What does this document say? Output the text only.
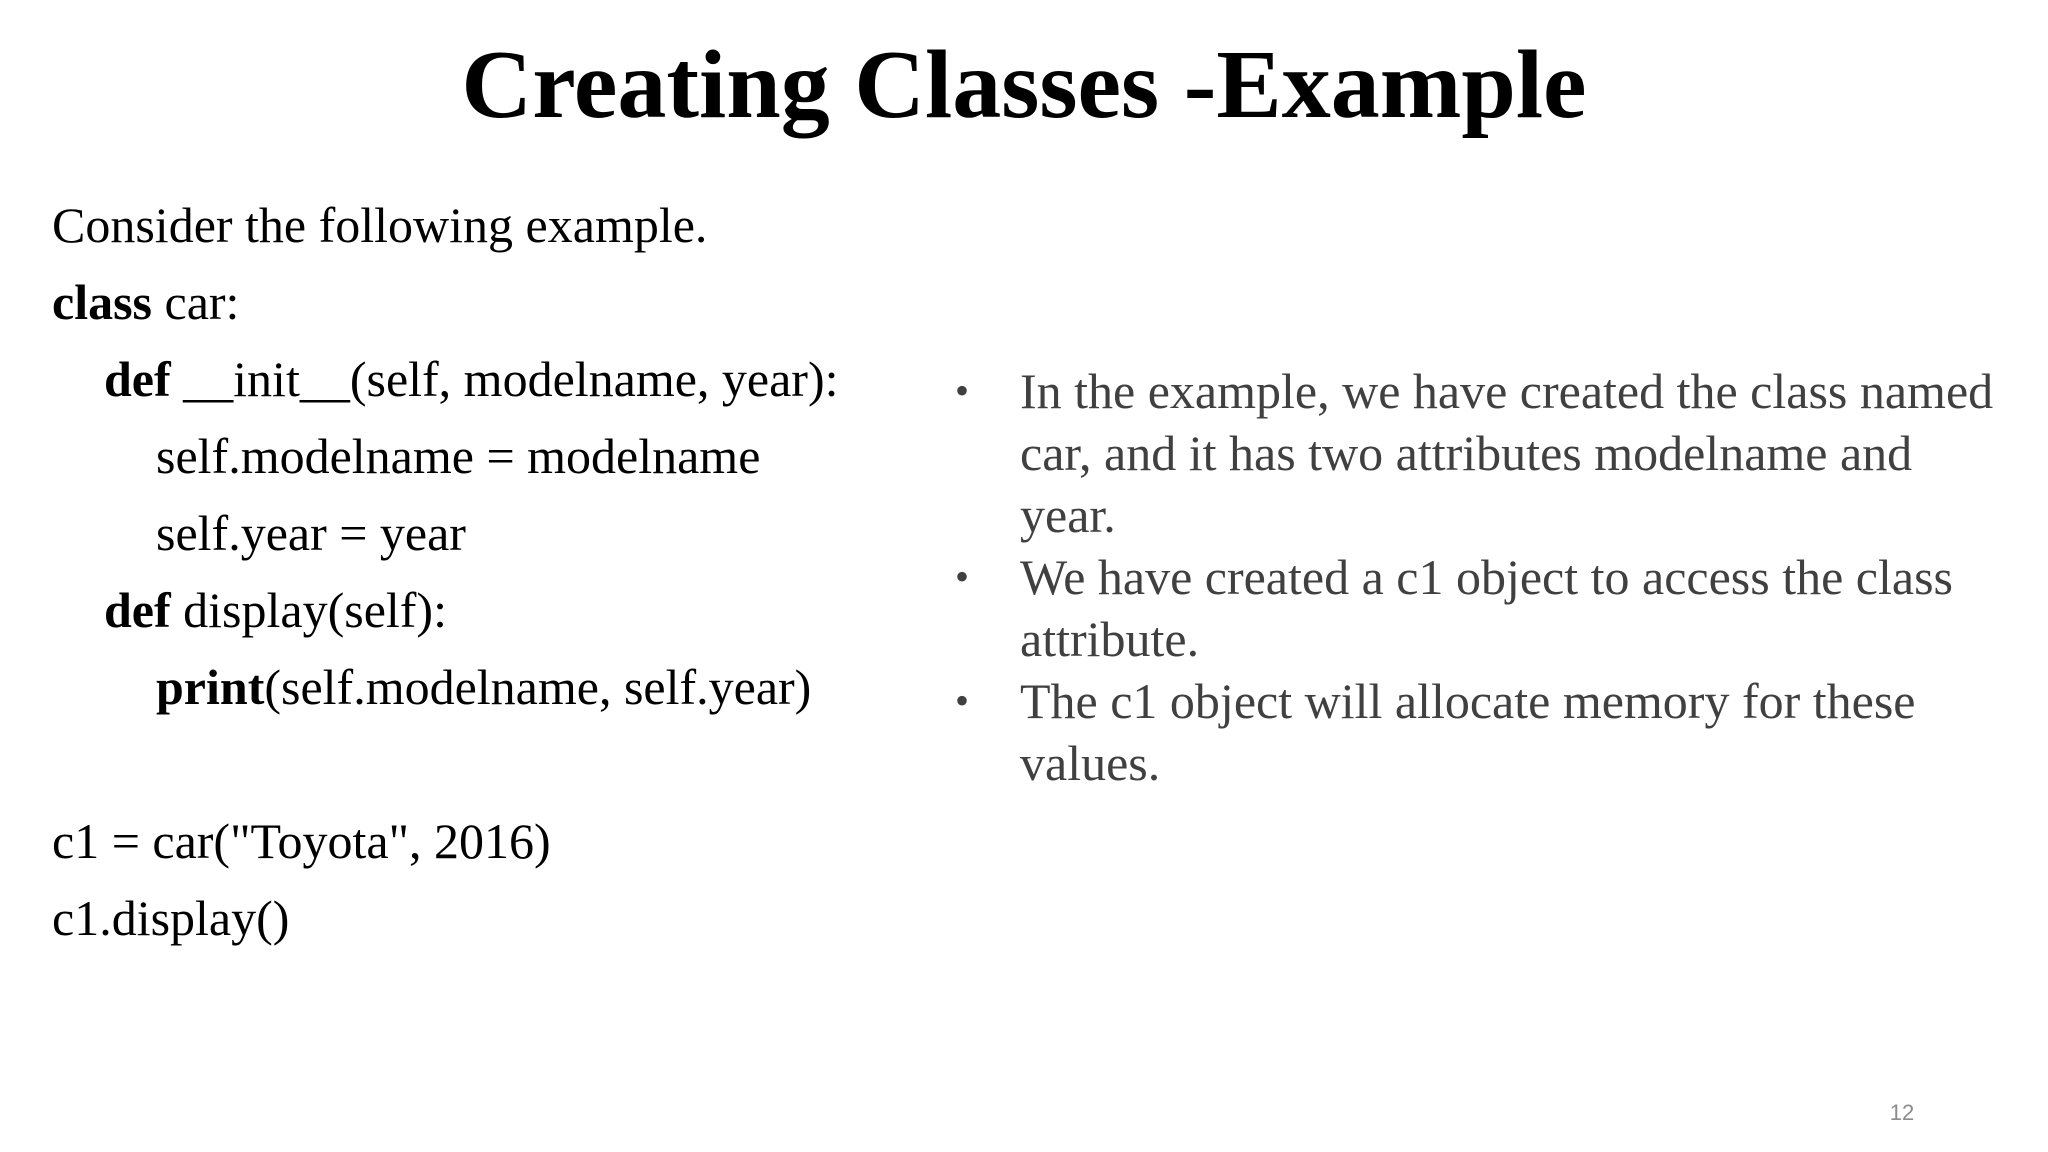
Creating Classes -Example
Consider the following example.
class car:
def __init__(self, modelname, year):
self.modelname = modelname
self.year = year
def display(self):
print(self.modelname, self.year)
c1 = car("Toyota", 2016)
c1.display()
•	In the example, we have created the class named car, and it has two attributes modelname and year.
•	We have created a c1 object to access the class attribute.
•	The c1 object will allocate memory for these values.
12
